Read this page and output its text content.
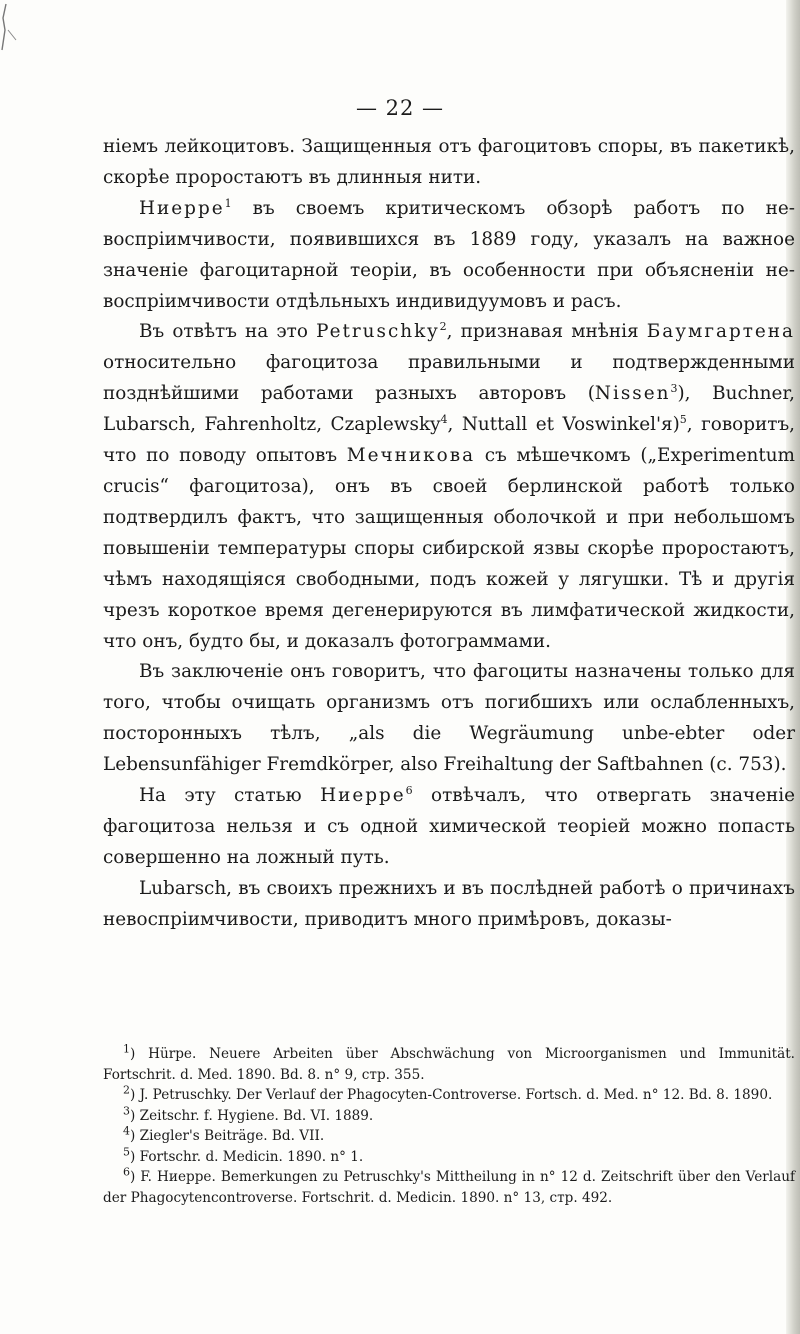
— 22 —

ніемъ лейкоцитовъ. Защищенныя отъ фагоцитовъ споры, въ пакетикѣ, скорѣе проростаютъ въ длинныя нити.

Hиерре$^1$ въ своемъ критическомъ обзорѣ работъ по не-воспріимчивости, появившихся въ 1889 году, указалъ на важное значеніе фагоцитарной теоріи, въ особенности при объясненіи не-воспріимчивости отдѣльныхъ индивидуумовъ и расъ.

Въ отвѣтъ на это Petruschky$^2$, признавая мнѣнія Баумгартена относительно фагоцитоза правильными и подтвержденными позднѣйшими работами разныхъ авторовъ (Nissen$^3$), Buchner, Lubarsch, Fahrenholtz, Czaplewsky$^4$, Nuttall et Voswinkel'я)$^5$, говоритъ, что по поводу опытовъ Мечникова съ мѣшечкомъ („Experimentum crucis“ фагоцитоза), онъ въ своей берлинской работѣ только подтвердилъ фактъ, что защищенныя оболочкой и при небольшомъ повышеніи температуры споры сибирской язвы скорѣе проростаютъ, чѣмъ находящіяся свободными, подъ кожей у лягушки. Тѣ и другія чрезъ короткое время дегенерируются въ лимфатической жидкости, что онъ, будто бы, и доказалъ фотограммами.

Въ заключеніе онъ говоритъ, что фагоциты назначены только для того, чтобы очищать организмъ отъ погибшихъ или ослабленныхъ, посторонныхъ тѣлъ, „als die Wegräumung unbe-ebter oder Lebensunfähiger Fremdkörper, also Freihaltung der Saftbahnen (с. 753).

На эту статью Hиерре$^6$ отвѣчалъ, что отвергать значеніе фагоцитоза нельзя и съ одной химической теоріей можно попасть совершенно на ложный путь.

Lubarsch, въ своихъ прежнихъ и въ послѣдней работѣ о причинахъ невоспріимчивости, приводитъ много примѣровъ, доказы-

$^1$) Hürpe. Neuere Arbeiten über Abschwächung von Microorganismen und Immunität. Fortschrit. d. Med. 1890. Bd. 8. n° 9, стр. 355.

$^2$) J. Petruschky. Der Verlauf der Phagocyten-Controverse. Fortsch. d. Med. n° 12. Bd. 8. 1890.

$^3$) Zeitschr. f. Hygiene. Bd. VI. 1889.

$^4$) Ziegler's Beiträge. Bd. VII.

$^5$) Fortschr. d. Medicin. 1890. n° 1.

$^6$) F. Hиерре. Bemerkungen zu Petruschky's Mittheilung in n° 12 d. Zeitschrift über den Verlauf der Phagocytencontroverse. Fortschrit. d. Medicin. 1890. n° 13, стр. 492.
